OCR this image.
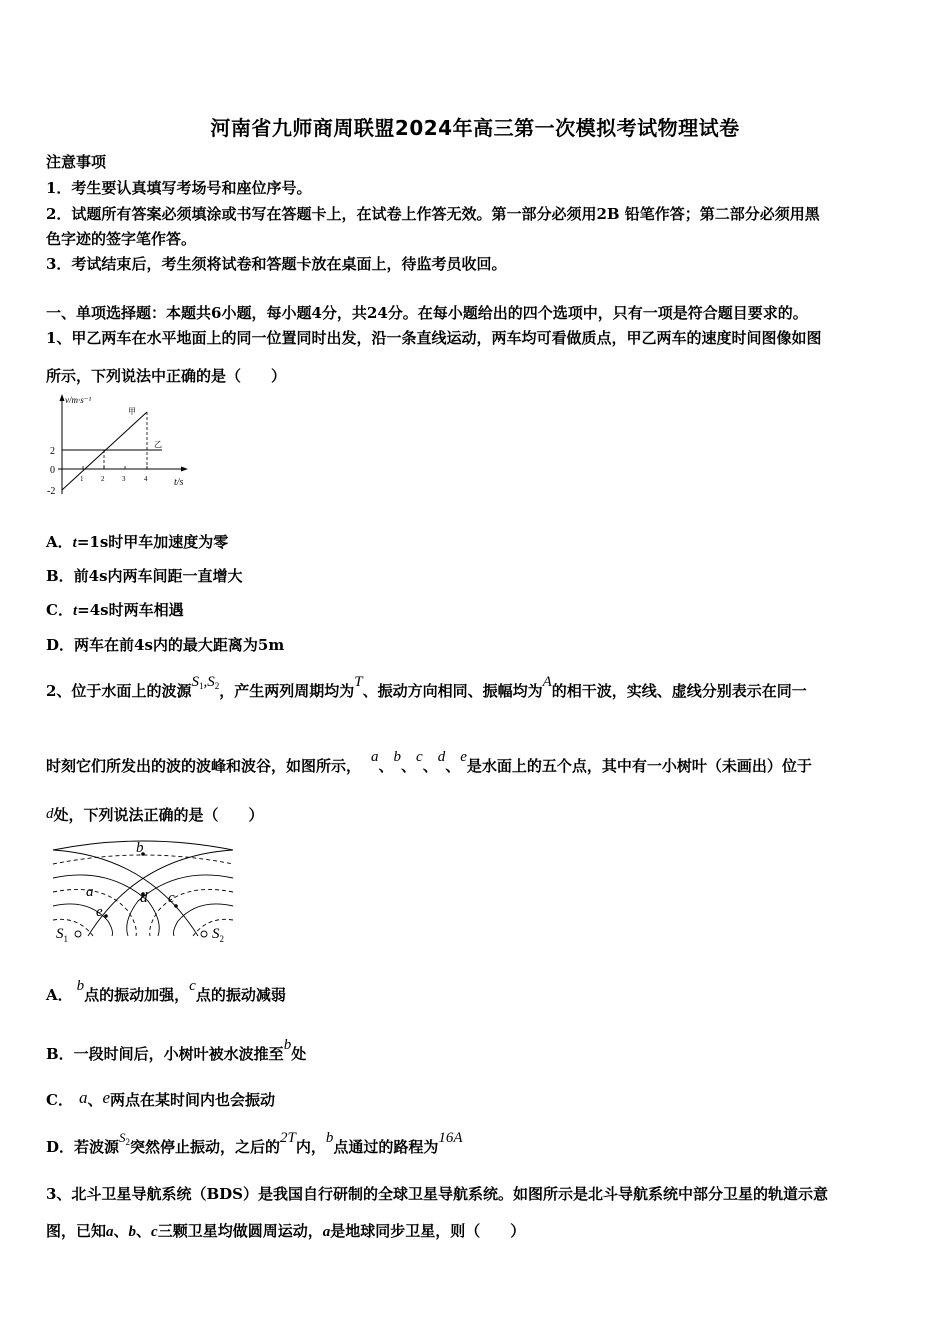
河南省九师商周联盟2024年高三第一次模拟考试物理试卷
注意事项
1．考生要认真填写考场号和座位序号。
2．试题所有答案必须填涂或书写在答题卡上，在试卷上作答无效。第一部分必须用2B 铅笔作答；第二部分必须用黑
色字迹的签字笔作答。
3．考试结束后，考生须将试卷和答题卡放在桌面上，待监考员收回。
一、单项选择题：本题共6小题，每小题4分，共24分。在每小题给出的四个选项中，只有一项是符合题目要求的。
1、甲乙两车在水平地面上的同一位置同时出发，沿一条直线运动，两车均可看做质点，甲乙两车的速度时间图像如图
所示，下列说法中正确的是（　　）
v/m·s⁻¹
t/s
甲
乙
2
0
-2
1	2	3	4
A．t=1s时甲车加速度为零
B．前4s内两车间距一直增大
C．t=4s时两车相遇
D．两车在前4s内的最大距离为5m
2、位于水面上的波源$S_1,S_2$，产生两列周期均为T、振动方向相同、振幅均为A的相干波，实线、虚线分别表示在同一
时刻它们所发出的波的波峰和波谷，如图所示， a、b、c、d、e是水面上的五个点，其中有一小树叶（未画出）位于
d处，下列说法正确的是（　　）
b
a	d c
e
$S_1$	$S_2$
A． b点的振动加强，c点的振动减弱
B．一段时间后，小树叶被水波推至b处
C． a、e两点在某时间内也会振动
D．若波源$S_2$突然停止振动，之后的2T内，b点通过的路程为16A
3、北斗卫星导航系统（BDS）是我国自行研制的全球卫星导航系统。如图所示是北斗导航系统中部分卫星的轨道示意
图，已知a、b、c三颗卫星均做圆周运动，a是地球同步卫星，则（　　）
